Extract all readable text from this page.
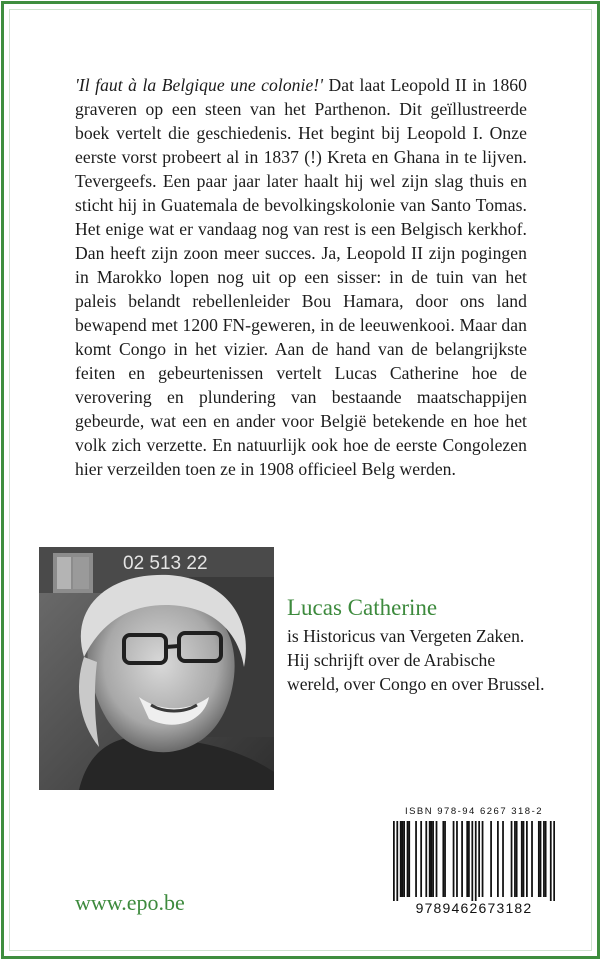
'Il faut à la Belgique une colonie!' Dat laat Leopold II in 1860 graveren op een steen van het Parthenon. Dit geïllustreerde boek vertelt die geschiedenis. Het begint bij Leopold I. Onze eerste vorst probeert al in 1837 (!) Kreta en Ghana in te lijven. Tevergeefs. Een paar jaar later haalt hij wel zijn slag thuis en sticht hij in Guatemala de bevolkingskolonie van Santo Tomas. Het enige wat er vandaag nog van rest is een Belgisch kerkhof. Dan heeft zijn zoon meer succes. Ja, Leopold II zijn pogingen in Marokko lopen nog uit op een sisser: in de tuin van het paleis belandt rebellenleider Bou Hamara, door ons land bewapend met 1200 FN-geweren, in de leeuwenkooi. Maar dan komt Congo in het vizier. Aan de hand van de belangrijkste feiten en gebeurtenissen vertelt Lucas Catherine hoe de verovering en plundering van bestaande maatschappijen gebeurde, wat een en ander voor België betekende en hoe het volk zich verzette. En natuurlijk ook hoe de eerste Congolezen hier verzeilden toen ze in 1908 officieel Belg werden.

02 513 22

Lucas Catherine

is Historicus van Vergeten Zaken. Hij schrijft over de Arabische wereld, over Congo en over Brussel.

ISBN 978-94 6267 318-2
9789462673182
www.epo.be
